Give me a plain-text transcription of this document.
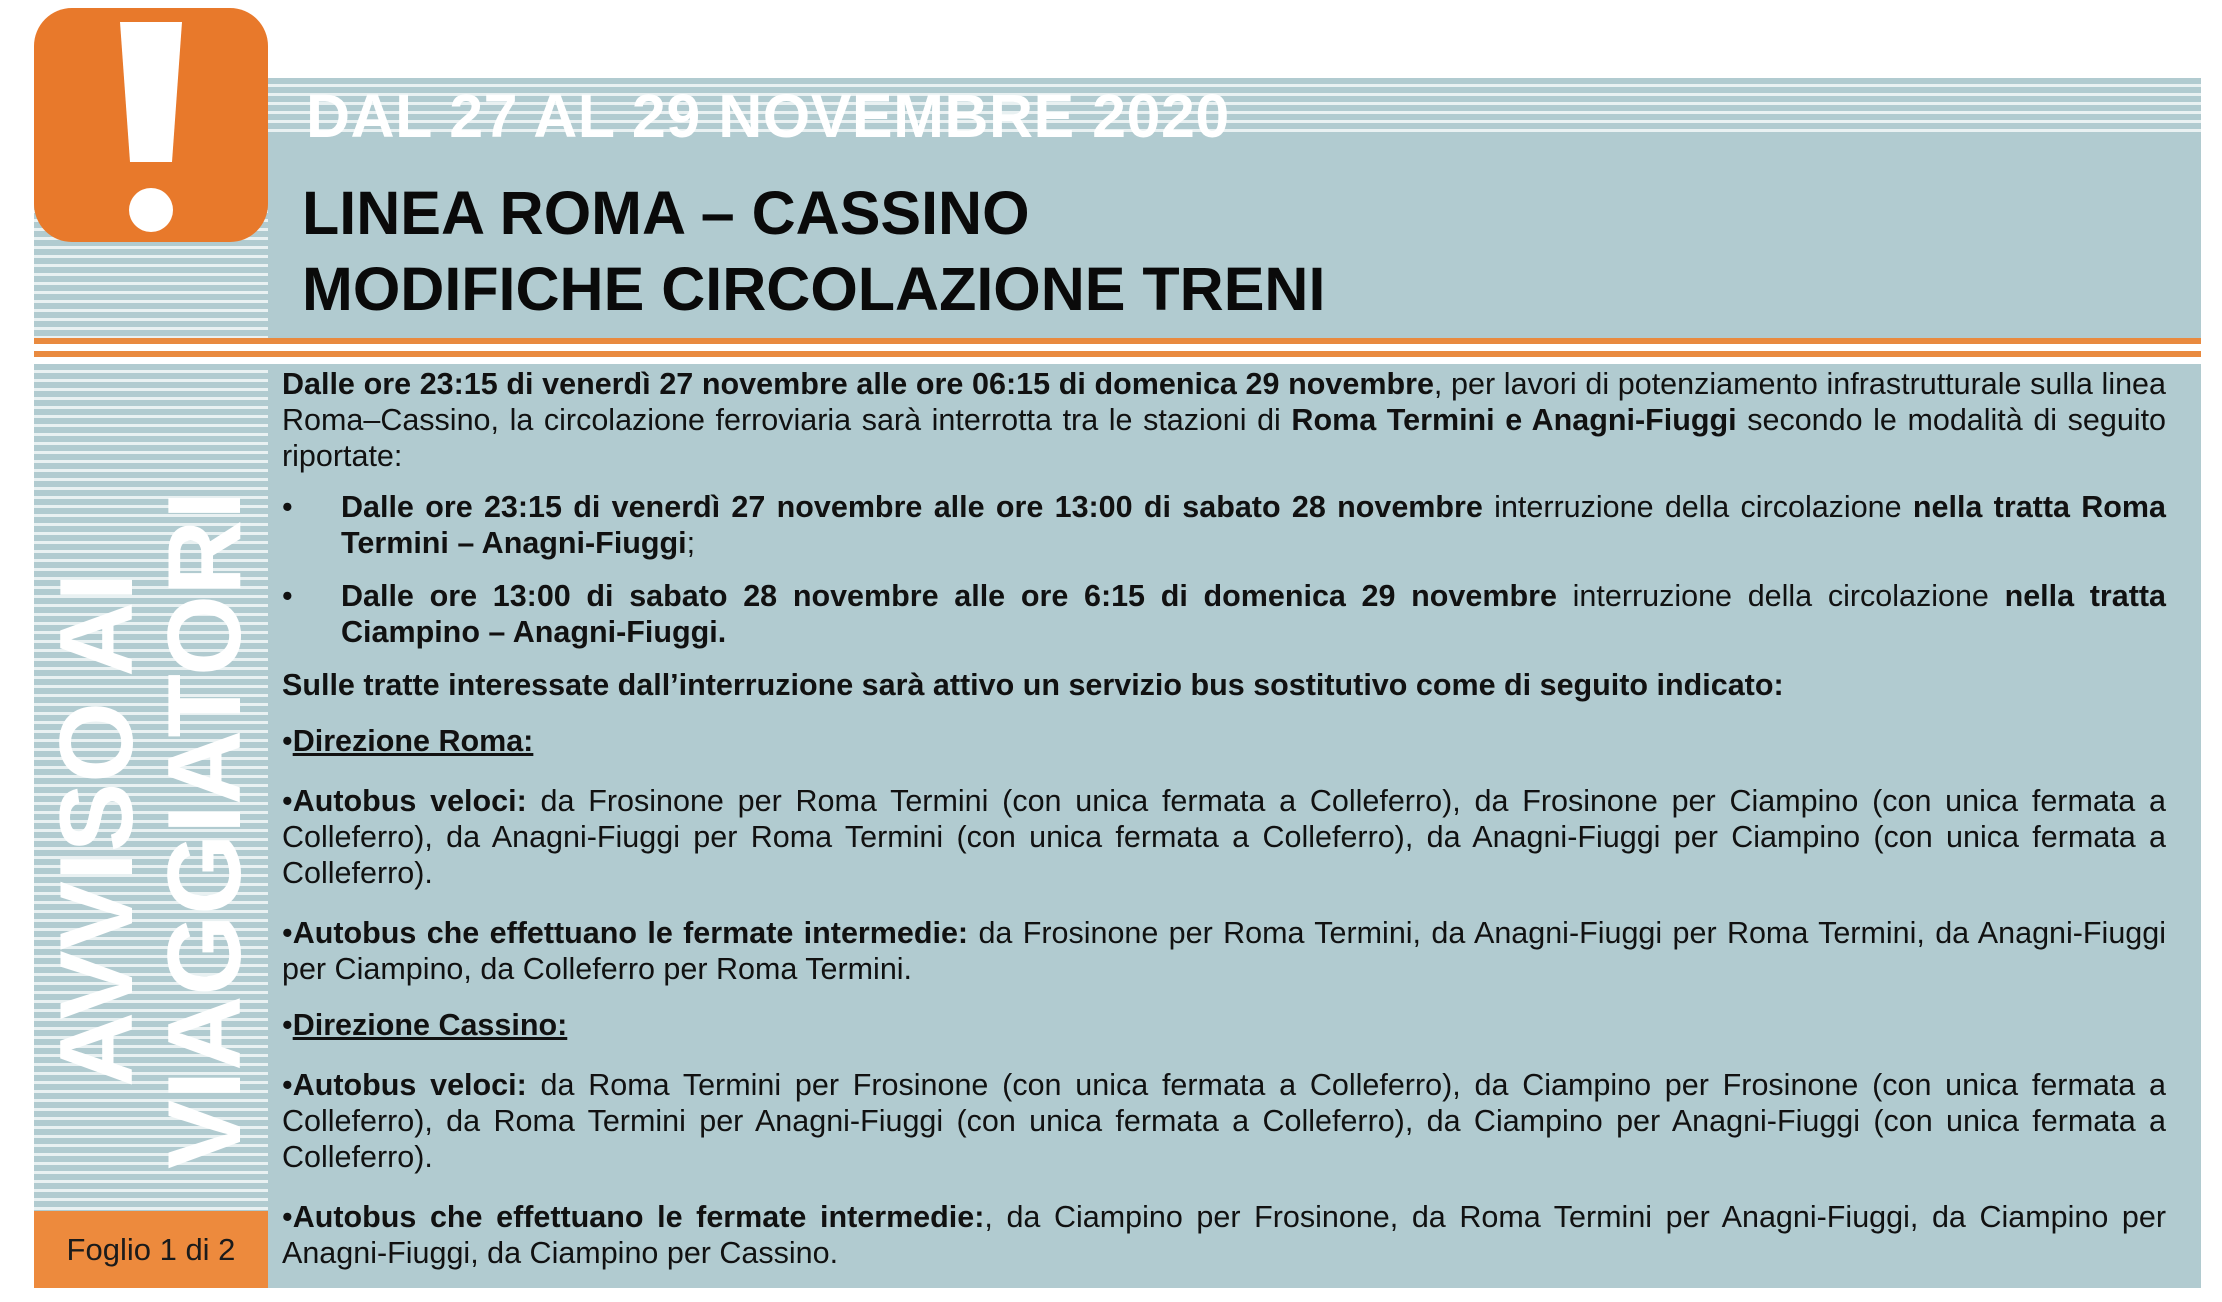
DAL 27 AL 29 NOVEMBRE 2020
LINEA ROMA – CASSINO
MODIFICHE CIRCOLAZIONE TRENI
AVVISO AI
VIAGGIATORI
Foglio 1 di 2

Dalle ore 23:15 di venerdì 27 novembre alle ore 06:15 di domenica 29 novembre, per lavori di potenziamento infrastrutturale sulla linea Roma–Cassino, la circolazione ferroviaria sarà interrotta tra le stazioni di Roma Termini e Anagni-Fiuggi secondo le modalità di seguito riportate:

• Dalle ore 23:15 di venerdì 27 novembre alle ore 13:00 di sabato 28 novembre interruzione della circolazione nella tratta Roma Termini – Anagni-Fiuggi;
• Dalle ore 13:00 di sabato 28 novembre alle ore 6:15 di domenica 29 novembre interruzione della circolazione nella tratta Ciampino – Anagni-Fiuggi.

Sulle tratte interessate dall’interruzione sarà attivo un servizio bus sostitutivo come di seguito indicato:

•Direzione Roma:

•Autobus veloci: da Frosinone per Roma Termini (con unica fermata a Colleferro), da Frosinone per Ciampino (con unica fermata a Colleferro), da Anagni-Fiuggi per Roma Termini (con unica fermata a Colleferro), da Anagni-Fiuggi per Ciampino (con unica fermata a Colleferro).

•Autobus che effettuano le fermate intermedie: da Frosinone per Roma Termini, da Anagni-Fiuggi per Roma Termini, da Anagni-Fiuggi per Ciampino, da Colleferro per Roma Termini.

•Direzione Cassino:

•Autobus veloci: da Roma Termini per Frosinone (con unica fermata a Colleferro), da Ciampino per Frosinone (con unica fermata a Colleferro), da Roma Termini per Anagni-Fiuggi (con unica fermata a Colleferro), da Ciampino per Anagni-Fiuggi (con unica fermata a Colleferro).

•Autobus che effettuano le fermate intermedie:, da Ciampino per Frosinone, da Roma Termini per Anagni-Fiuggi, da Ciampino per Anagni-Fiuggi, da Ciampino per Cassino.
